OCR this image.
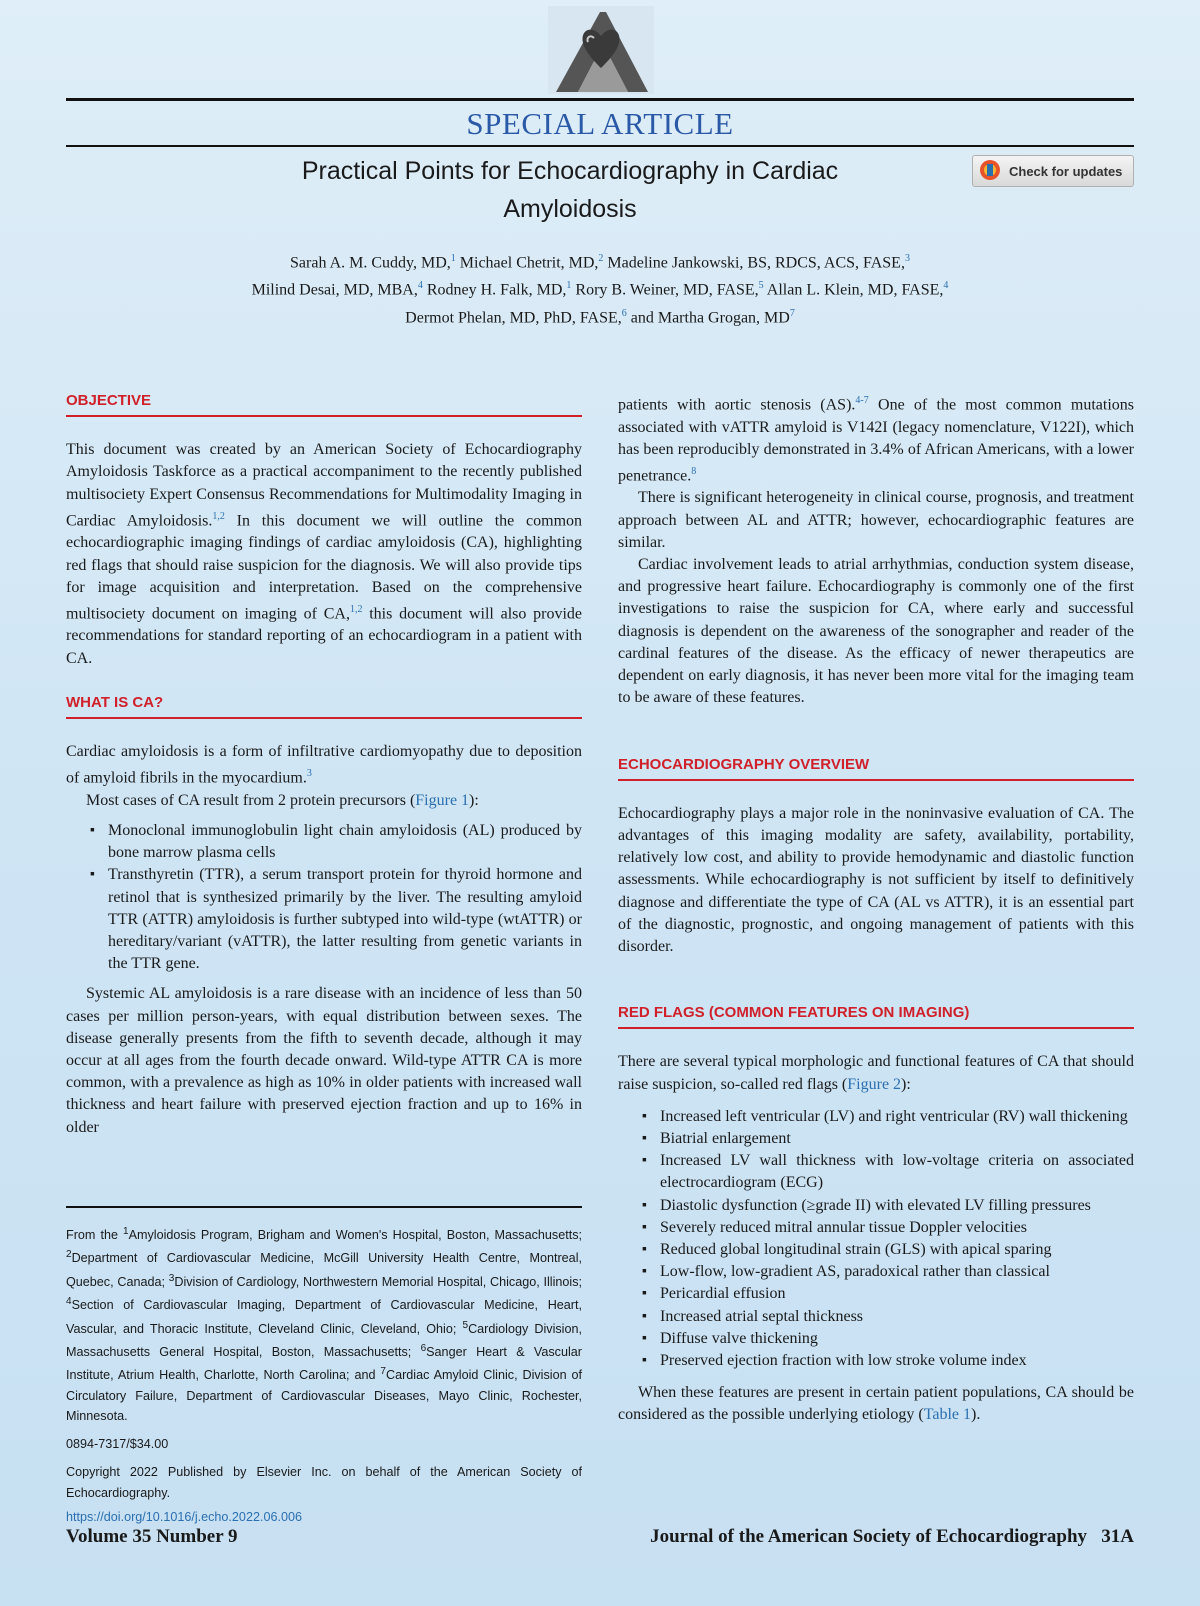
SPECIAL ARTICLE
Practical Points for Echocardiography in Cardiac
Amyloidosis
Check for updates
Sarah A. M. Cuddy, MD,$^1$ Michael Chetrit, MD,$^2$ Madeline Jankowski, BS, RDCS, ACS, FASE,$^3$
Milind Desai, MD, MBA,$^4$ Rodney H. Falk, MD,$^1$ Rory B. Weiner, MD, FASE,$^5$ Allan L. Klein, MD, FASE,$^4$
Dermot Phelan, MD, PhD, FASE,$^6$ and Martha Grogan, $MD^7$
OBJECTIVE

This document was created by an American Society of Echocardiography Amyloidosis Taskforce as a practical accompaniment to the recently published multisociety Expert Consensus Recommendations for Multimodality Imaging in Cardiac Amyloidosis.$^{1,2}$ In this document we will outline the common echocardiographic imaging findings of cardiac amyloidosis (CA), highlighting red flags that should raise suspicion for the diagnosis. We will also provide tips for image acquisition and interpretation. Based on the comprehensive multisociety document on imaging of CA,$^{1,2}$ this document will also provide recommendations for standard reporting of an echocardiogram in a patient with CA.

WHAT IS CA?

Cardiac amyloidosis is a form of infiltrative cardiomyopathy due to deposition of amyloid fibrils in the myocardium.$^3$

Most cases of CA result from 2 protein precursors (Figure 1):

▪ Monoclonal immunoglobulin light chain amyloidosis (AL) produced by bone marrow plasma cells
▪ Transthyretin (TTR), a serum transport protein for thyroid hormone and retinol that is synthesized primarily by the liver. The resulting amyloid TTR (ATTR) amyloidosis is further subtyped into wild-type (wtATTR) or hereditary/variant (vATTR), the latter resulting from genetic variants in the TTR gene.

Systemic AL amyloidosis is a rare disease with an incidence of less than 50 cases per million person-years, with equal distribution between sexes. The disease generally presents from the fifth to seventh decade, although it may occur at all ages from the fourth decade onward. Wild-type ATTR CA is more common, with a prevalence as high as 10% in older patients with increased wall thickness and heart failure with preserved ejection fraction and up to 16% in older

From the $^1$Amyloidosis Program, Brigham and Women's Hospital, Boston, Massachusetts; $^2$Department of Cardiovascular Medicine, McGill University Health Centre, Montreal, Quebec, Canada; $^3$Division of Cardiology, Northwestern Memorial Hospital, Chicago, Illinois; $^4$Section of Cardiovascular Imaging, Department of Cardiovascular Medicine, Heart, Vascular, and Thoracic Institute, Cleveland Clinic, Cleveland, Ohio; $^5$Cardiology Division, Massachusetts General Hospital, Boston, Massachusetts; $^6$Sanger Heart & Vascular Institute, Atrium Health, Charlotte, North Carolina; and $^7$Cardiac Amyloid Clinic, Division of Circulatory Failure, Department of Cardiovascular Diseases, Mayo Clinic, Rochester, Minnesota.

0894-7317/$34.00

Copyright 2022 Published by Elsevier Inc. on behalf of the American Society of Echocardiography.

https://doi.org/10.1016/j.echo.2022.06.006

patients with aortic stenosis (AS).$^{4-7}$ One of the most common mutations associated with vATTR amyloid is V142I (legacy nomenclature, V122I), which has been reproducibly demonstrated in 3.4% of African Americans, with a lower penetrance.$^8$

There is significant heterogeneity in clinical course, prognosis, and treatment approach between AL and ATTR; however, echocardiographic features are similar.

Cardiac involvement leads to atrial arrhythmias, conduction system disease, and progressive heart failure. Echocardiography is commonly one of the first investigations to raise the suspicion for CA, where early and successful diagnosis is dependent on the awareness of the sonographer and reader of the cardinal features of the disease. As the efficacy of newer therapeutics are dependent on early diagnosis, it has never been more vital for the imaging team to be aware of these features.

ECHOCARDIOGRAPHY OVERVIEW

Echocardiography plays a major role in the noninvasive evaluation of CA. The advantages of this imaging modality are safety, availability, portability, relatively low cost, and ability to provide hemodynamic and diastolic function assessments. While echocardiography is not sufficient by itself to definitively diagnose and differentiate the type of CA (AL vs ATTR), it is an essential part of the diagnostic, prognostic, and ongoing management of patients with this disorder.

RED FLAGS (COMMON FEATURES ON IMAGING)

There are several typical morphologic and functional features of CA that should raise suspicion, so-called red flags (Figure 2):

▪ Increased left ventricular (LV) and right ventricular (RV) wall thickening
▪ Biatrial enlargement
▪ Increased LV wall thickness with low-voltage criteria on associated electrocardiogram (ECG)
▪ Diastolic dysfunction (≥grade II) with elevated LV filling pressures
▪ Severely reduced mitral annular tissue Doppler velocities
▪ Reduced global longitudinal strain (GLS) with apical sparing
▪ Low-flow, low-gradient AS, paradoxical rather than classical
▪ Pericardial effusion
▪ Increased atrial septal thickness
▪ Diffuse valve thickening
▪ Preserved ejection fraction with low stroke volume index

When these features are present in certain patient populations, CA should be considered as the possible underlying etiology (Table 1).

Volume 35 Number 9	Journal of the American Society of Echocardiography   31A
